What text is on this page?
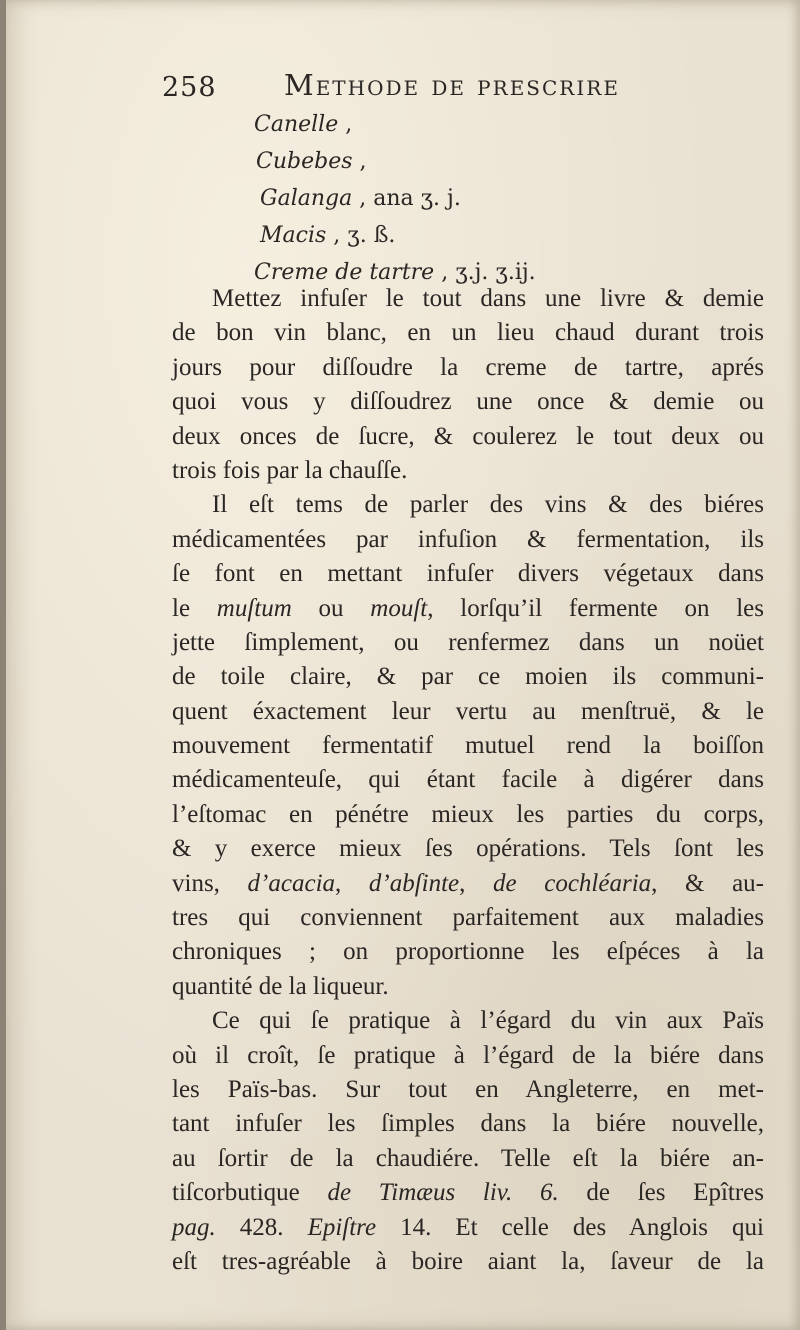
258 Methode de prescrire
Canelle ,
Cubebes ,
Galanga , ana ʒ. j.
Macis , ʒ. ß.
Creme de tartre , ʒ.j. ʒ.ij.
Mettez infuſer le tout dans une livre & demie
de bon vin blanc, en un lieu chaud durant trois
jours pour diſſoudre la creme de tartre, aprés
quoi vous y diſſoudrez une once & demie ou
deux onces de ſucre, & coulerez le tout deux ou
trois fois par la chauſſe.
Il eſt tems de parler des vins & des biéres
médicamentées par infuſion & fermentation, ils
ſe font en mettant infuſer divers végetaux dans
le muſtum ou mouſt, lorſqu’il fermente on les
jette ſimplement, ou renfermez dans un noüet
de toile claire, & par ce moien ils communi-
quent éxactement leur vertu au menſtruë, & le
mouvement fermentatif mutuel rend la boiſſon
médicamenteuſe, qui étant facile à digérer dans
l’eſtomac en pénétre mieux les parties du corps,
& y exerce mieux ſes opérations. Tels ſont les
vins, d’acacia, d’abſinte, de cochléaria, & au-
tres qui conviennent parfaitement aux maladies
chroniques ; on proportionne les eſpéces à la
quantité de la liqueur.
Ce qui ſe pratique à l’égard du vin aux Païs
où il croît, ſe pratique à l’égard de la biére dans
les Païs-bas. Sur tout en Angleterre, en met-
tant infuſer les ſimples dans la biére nouvelle,
au ſortir de la chaudiére. Telle eſt la biére an-
tiſcorbutique de Timæus liv. 6. de ſes Epîtres
pag. 428. Epiſtre 14. Et celle des Anglois qui
eſt tres-agréable à boire aiant la, ſaveur de la
